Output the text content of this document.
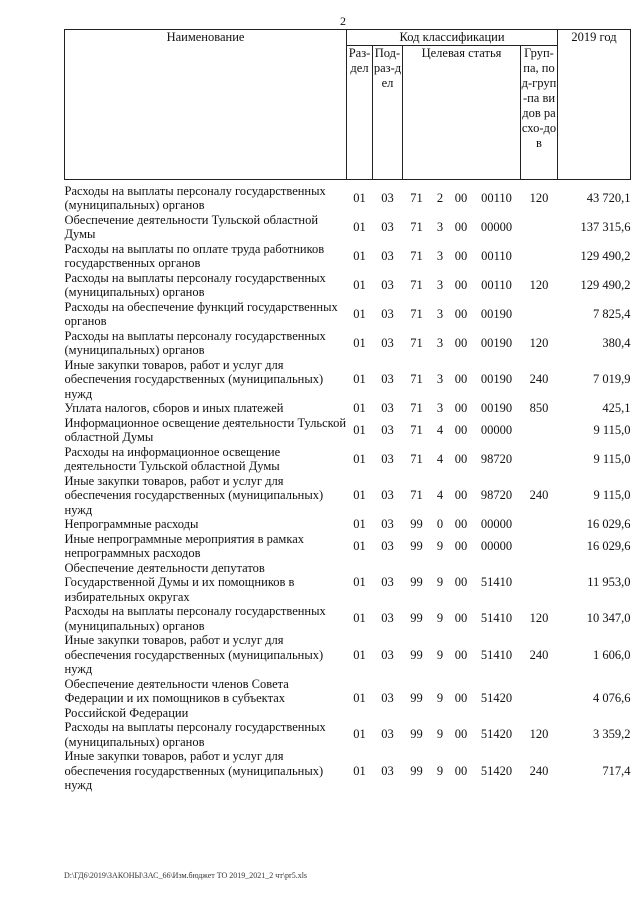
2
Наименование	Код классификации							2019 год
	Раз-дел	Под-раз-дел	Целевая статья				Груп-па, под-груп-па видов расхо-дов	
Расходы на выплаты персоналу государственных (муниципальных) органов	01	03	71	2	00	00110	120	43 720,1
Обеспечение деятельности Тульской областной Думы	01	03	71	3	00	00000		137 315,6
Расходы на выплаты по оплате труда работников государственных органов	01	03	71	3	00	00110		129 490,2
Расходы на выплаты персоналу государственных (муниципальных) органов	01	03	71	3	00	00110	120	129 490,2
Расходы на обеспечение функций государственных органов	01	03	71	3	00	00190		7 825,4
Расходы на выплаты персоналу государственных (муниципальных) органов	01	03	71	3	00	00190	120	380,4
Иные закупки товаров, работ и услуг для обеспечения государственных (муниципальных) нужд	01	03	71	3	00	00190	240	7 019,9
Уплата налогов, сборов и иных платежей	01	03	71	3	00	00190	850	425,1
Информационное освещение деятельности Тульской областной Думы	01	03	71	4	00	00000		9 115,0
Расходы на информационное освещение деятельности Тульской областной Думы	01	03	71	4	00	98720		9 115,0
Иные закупки товаров, работ и услуг для обеспечения государственных (муниципальных) нужд	01	03	71	4	00	98720	240	9 115,0
Непрограммные расходы	01	03	99	0	00	00000		16 029,6
Иные непрограммные мероприятия в рамках непрограммных расходов	01	03	99	9	00	00000		16 029,6
Обеспечение деятельности депутатов Государственной Думы и их помощников в избирательных округах	01	03	99	9	00	51410		11 953,0
Расходы на выплаты персоналу государственных (муниципальных) органов	01	03	99	9	00	51410	120	10 347,0
Иные закупки товаров, работ и услуг для обеспечения государственных (муниципальных) нужд	01	03	99	9	00	51410	240	1 606,0
Обеспечение деятельности членов Совета Федерации и их помощников в субъектах Российской Федерации	01	03	99	9	00	51420		4 076,6
Расходы на выплаты персоналу государственных (муниципальных) органов	01	03	99	9	00	51420	120	3 359,2
Иные закупки товаров, работ и услуг для обеспечения государственных (муниципальных) нужд	01	03	99	9	00	51420	240	717,4
D:\ГД6\2019\ЗАКОНЫ\ЗАС_66\Изм.бюджет ТО 2019_2021_2 чт\pr5.xls
